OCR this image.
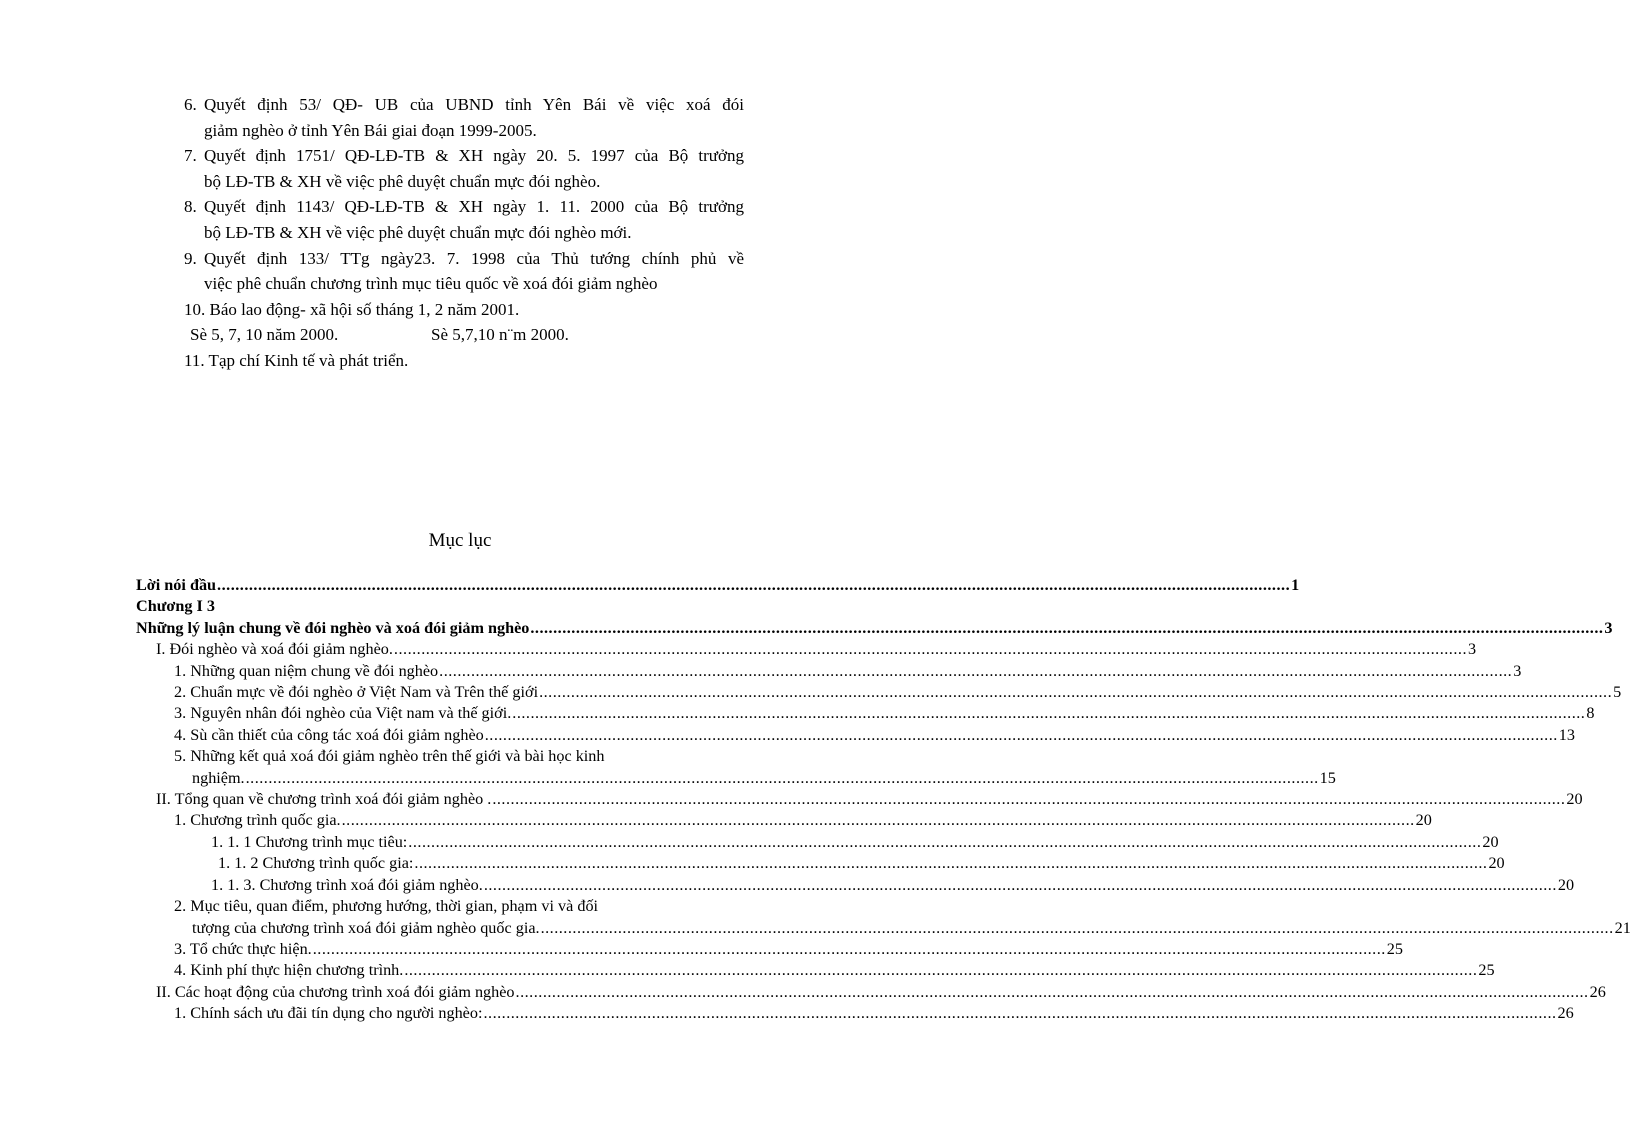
6. Quyết định 53/ QĐ- UB của UBND tỉnh Yên Bái về việc xoá đói
giảm nghèo ở tỉnh Yên Bái giai đoạn 1999-2005.
7. Quyết định 1751/ QĐ-LĐ-TB & XH ngày 20. 5. 1997 của Bộ trưởng
bộ LĐ-TB & XH về việc phê duyệt chuẩn mực đói nghèo.
8. Quyết định 1143/ QĐ-LĐ-TB & XH ngày 1. 11. 2000 của Bộ trưởng
bộ LĐ-TB & XH về việc phê duyệt chuẩn mực đói nghèo mới.
9. Quyết định 133/ TTg ngày23. 7. 1998 của Thủ tướng chính phủ về
việc phê chuẩn chương trình mục tiêu quốc về xoá đói giảm nghèo
10. Báo lao động- xã hội số tháng 1, 2 năm 2001.
Sè 5, 7, 10 năm 2000.	Sè 5,7,10 n¨m 2000.
11. Tạp chí Kinh tế và phát triển.
Mục lục
Lời nói đầu .....	1
Chương I 3
Những lý luận chung về đói nghèo và xoá đói giảm nghèo .....	3
I. Đói nghèo và xoá đói giảm nghèo. .....	3
1. Những quan niệm chung về đói nghèo .....	3
2. Chuẩn mực về đói nghèo ở Việt Nam và Trên thế giới .....	5
3. Nguyên nhân đói nghèo của Việt nam và thế giới. .....	8
4. Sù cần thiết của công tác xoá đói giảm nghèo .....	13
5. Những kết quả xoá đói giảm nghèo trên thế giới và bài học kinh
nghiệm. .....	15
II. Tổng quan về chương trình xoá đói giảm nghèo . .....	20
1. Chương trình quốc gia. .....	20
1. 1. 1 Chương trình mục tiêu: .....	20
1. 1. 2 Chương trình quốc gia: .....	20
1. 1. 3. Chương trình xoá đói giảm nghèo. .....	20
2. Mục tiêu, quan điểm, phương hướng, thời gian, phạm vi và đối
tượng của chương trình xoá đói giảm nghèo quốc gia. .....	21
3. Tổ chức thực hiện. .....	25
4. Kinh phí thực hiện chương trình. .....	25
II. Các hoạt động của chương trình xoá đói giảm nghèo .....	26
1. Chính sách ưu đãi tín dụng cho người nghèo: .....	26
